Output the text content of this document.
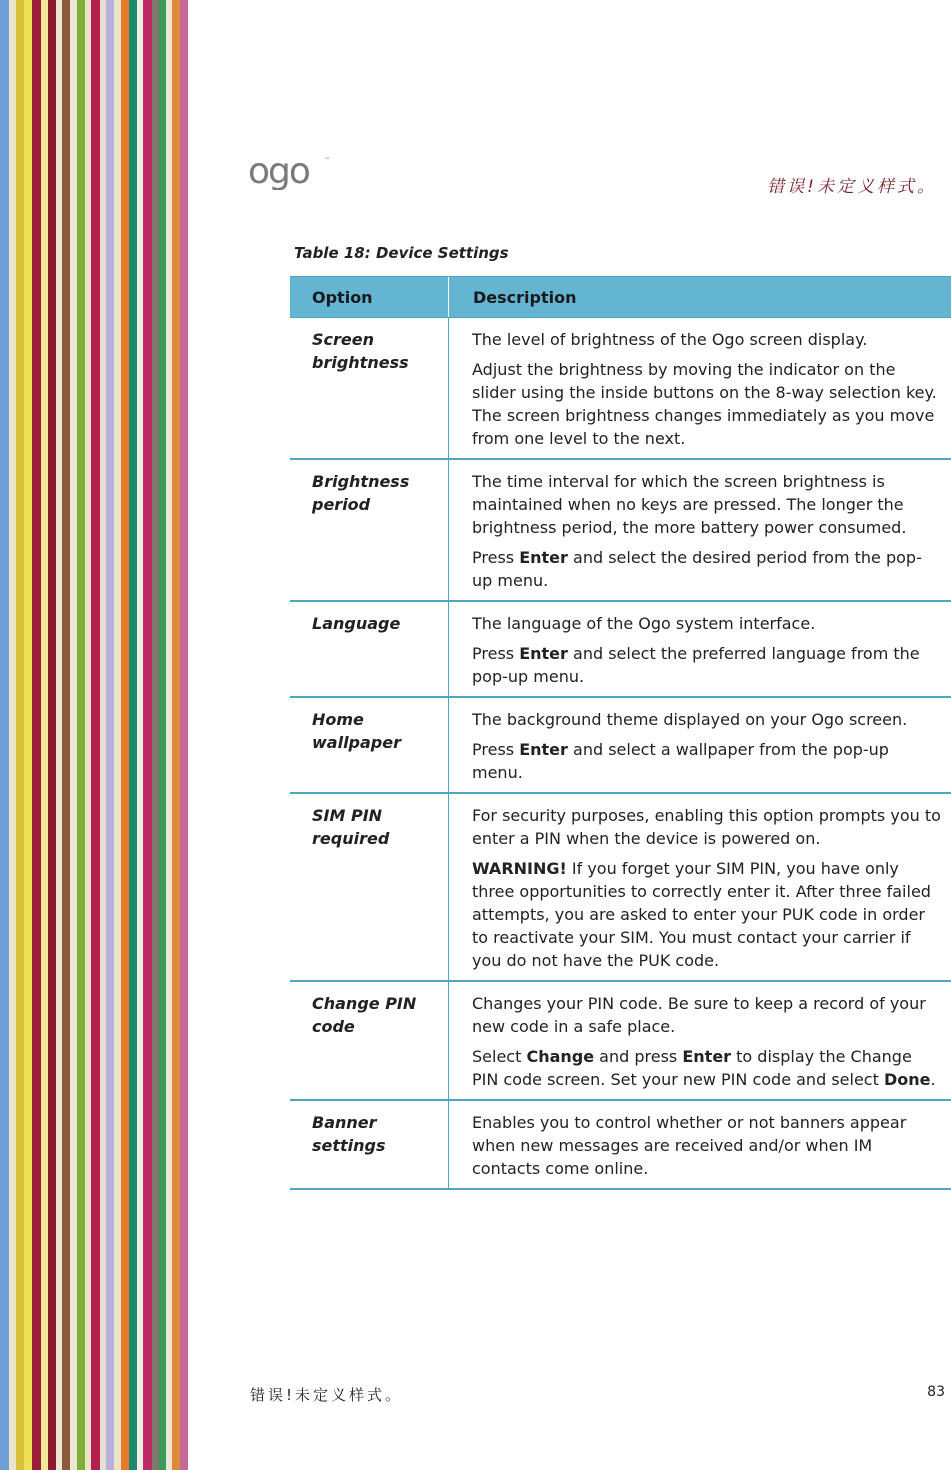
ogo	™
错误!未定义样式。
Table 18: Device Settings
Option	Description
Screen brightness	The level of brightness of the Ogo screen display.

Adjust the brightness by moving the indicator on the slider using the inside buttons on the 8-way selection key. The screen brightness changes immediately as you move from one level to the next.

Brightness period	The time interval for which the screen brightness is maintained when no keys are pressed. The longer the brightness period, the more battery power consumed.

Press Enter and select the desired period from the pop-up menu.

Language	The language of the Ogo system interface.

Press Enter and select the preferred language from the pop-up menu.

Home wallpaper	The background theme displayed on your Ogo screen.

Press Enter and select a wallpaper from the pop-up menu.

SIM PIN required	For security purposes, enabling this option prompts you to enter a PIN when the device is powered on.

WARNING! If you forget your SIM PIN, you have only three opportunities to correctly enter it. After three failed attempts, you are asked to enter your PUK code in order to reactivate your SIM. You must contact your carrier if you do not have the PUK code.

Change PIN code	Changes your PIN code. Be sure to keep a record of your new code in a safe place.

Select Change and press Enter to display the Change PIN code screen. Set your new PIN code and select Done.

Banner settings	Enables you to control whether or not banners appear when new messages are received and/or when IM contacts come online.

错误!未定义样式。	83
